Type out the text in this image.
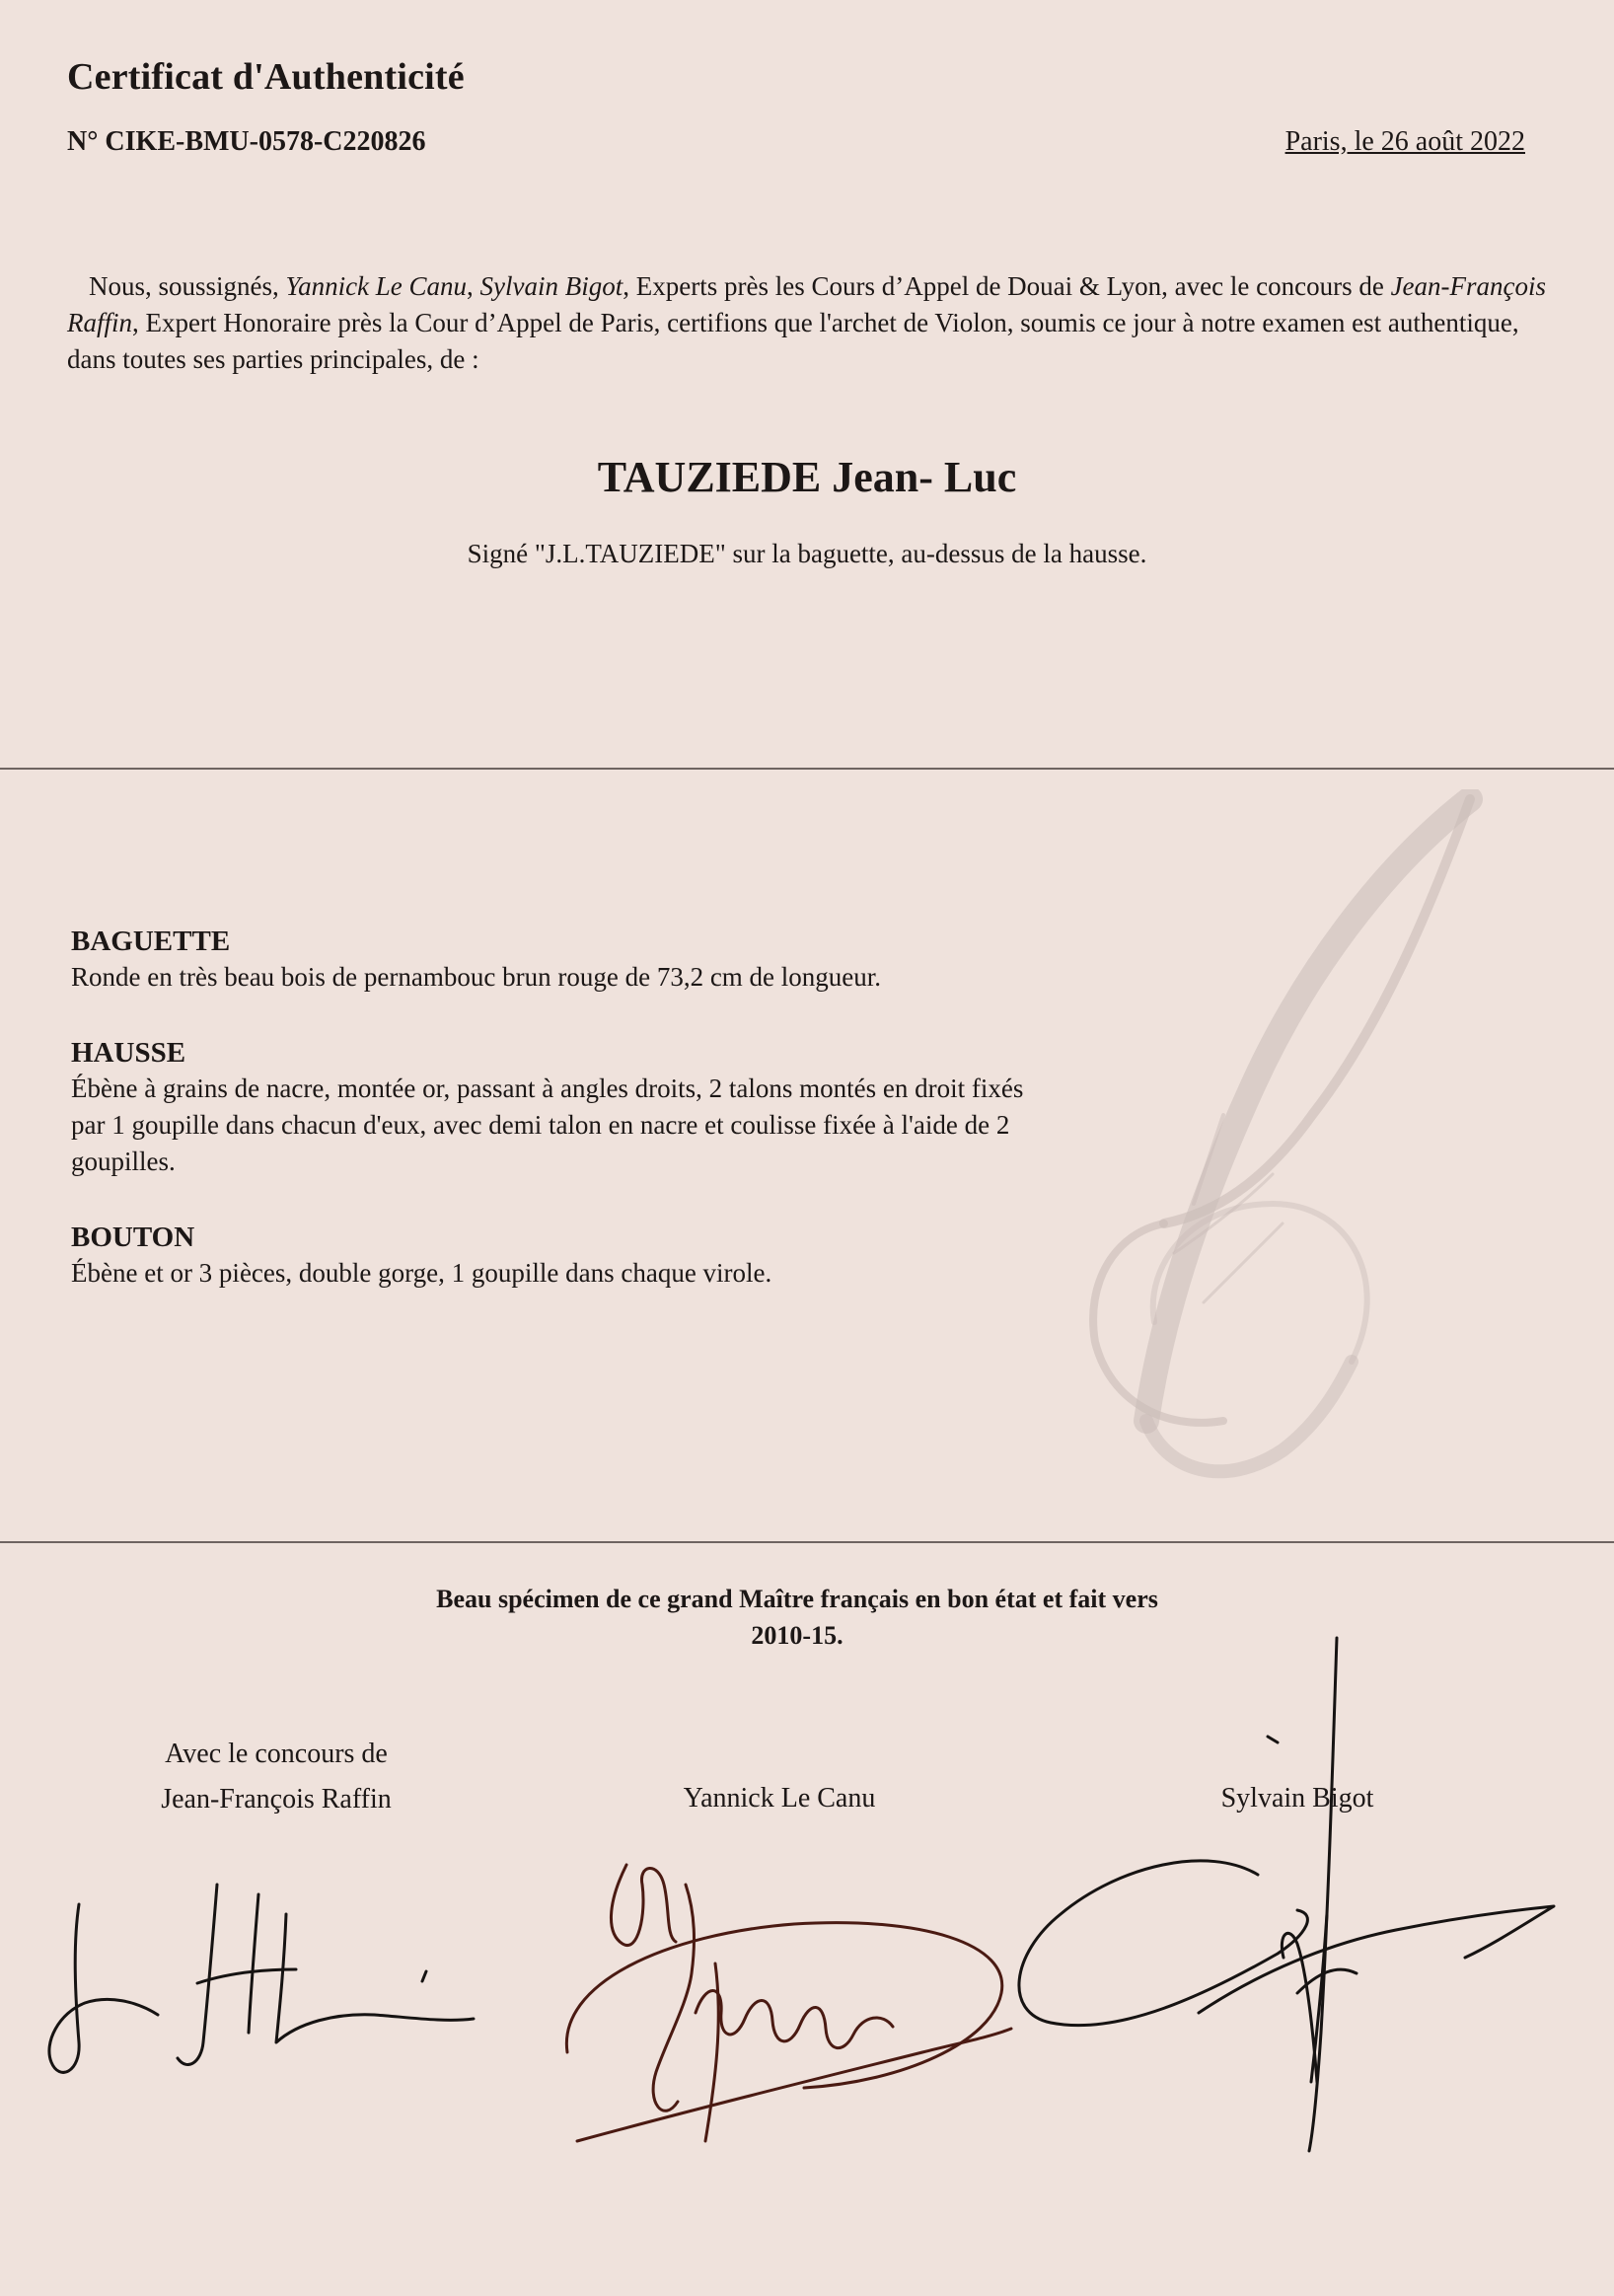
Certificat d'Authenticité
N° CIKE-BMU-0578-C220826	Paris, le 26 août 2022
Nous, soussignés, Yannick Le Canu, Sylvain Bigot, Experts près les Cours d’Appel de Douai & Lyon, avec le concours de Jean-François Raffin, Expert Honoraire près la Cour d’Appel de Paris, certifions que l'archet de Violon, soumis ce jour à notre examen est authentique, dans toutes ses parties principales, de :
TAUZIEDE Jean- Luc
Signé "J.L.TAUZIEDE" sur la baguette, au-dessus de la hausse.
BAGUETTE

Ronde en très beau bois de pernambouc brun rouge de 73,2 cm de longueur.

HAUSSE

Ébène à grains de nacre, montée or, passant à angles droits, 2 talons montés en droit fixés par 1 goupille dans chacun d'eux, avec demi talon en nacre et coulisse fixée à l'aide de 2 goupilles.

BOUTON

Ébène et or 3 pièces, double gorge, 1 goupille dans chaque virole.

Beau spécimen de ce grand Maître français en bon état et fait vers
2010-15.
Avec le concours de
Jean-François Raffin	Yannick Le Canu	Sylvain Bigot
